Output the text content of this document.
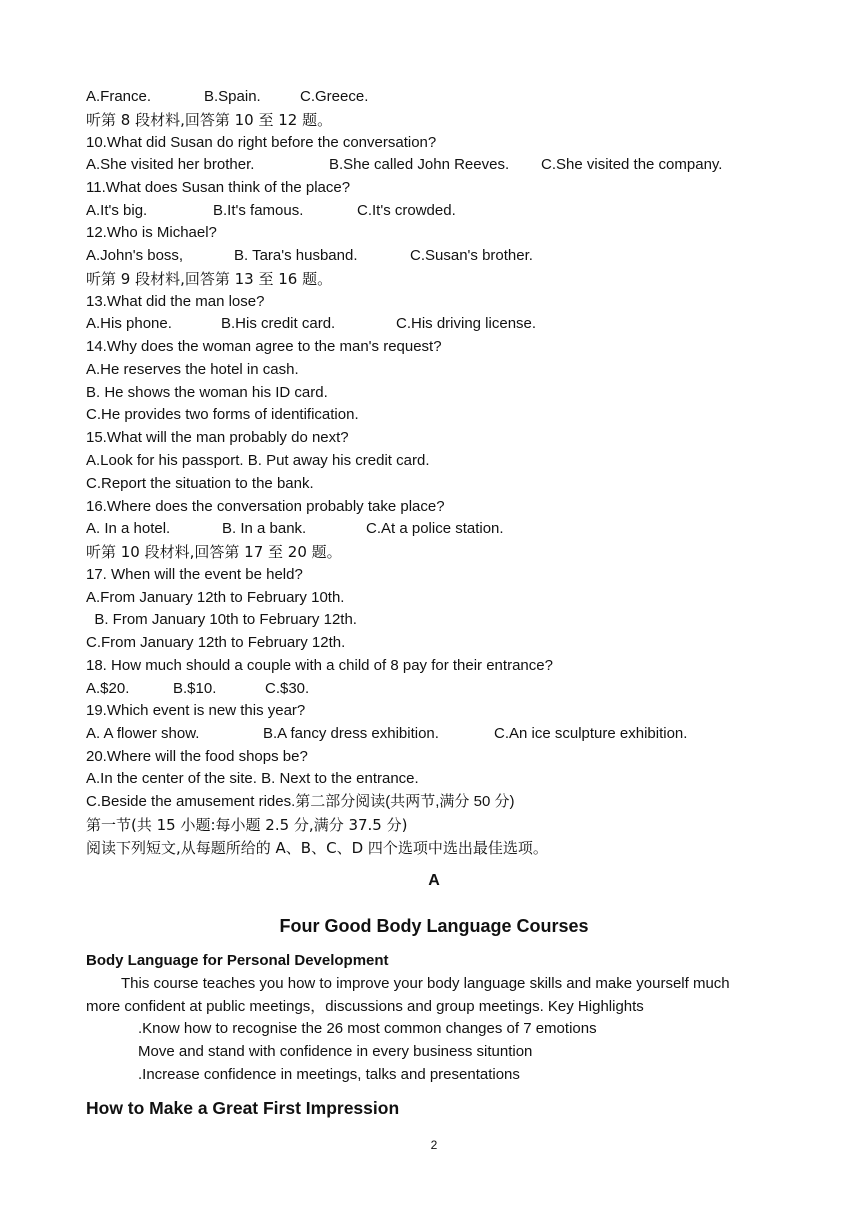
A.France.	B.Spain.	C.Greece.
听第 8 段材料,回答第 10 至 12 题。
10.What did Susan do right before the conversation?
A.She visited her brother.	B.She called John Reeves. C.She visited the company.
11.What does Susan think of the place?
A.It's big.	B.It's famous.	C.It's crowded.
12.Who is Michael?
A.John's boss,	B. Tara's husband.	C.Susan's brother.
听第 9 段材料,回答第 13 至 16 题。
13.What did the man lose?
A.His phone.	B.His credit card.	C.His driving license.
14.Why does the woman agree to the man's request?
A.He reserves the hotel in cash.
B. He shows the woman his ID card.
C.He provides two forms of identification.
15.What will the man probably do next?
A.Look for his passport. B. Put away his credit card.
C.Report the situation to the bank.
16.Where does the conversation probably take place?
A. In a hotel.	B. In a bank.	C.At a police station.
听第 10 段材料,回答第 17 至 20 题。
17. When will the event be held?
A.From January 12th to February 10th.
B. From January 10th to February 12th.
C.From January 12th to February 12th.
18. How much should a couple with a child of 8 pay for their entrance?
A.$20.	B.$10.	C.$30.
19.Which event is new this year?
A. A flower show.	B.A fancy dress exhibition.	C.An ice sculpture exhibition.
20.Where will the food shops be?
A.In the center of the site. B. Next to the entrance.
C.Beside the amusement rides.第二部分阅读(共两节,满分 50 分)
第一节(共 15 小题:每小题 2.5 分,满分 37.5 分)
阅读下列短文,从每题所给的 A、B、C、D 四个选项中选出最佳选项。
A
Four Good Body Language Courses
Body Language for Personal Development
This course teaches you how to improve your body language skills and make yourself much
more confident at public meetings，discussions and group meetings. Key Highlights
.Know how to recognise the 26 most common changes of 7 emotions
Move and stand with confidence in every business situntion
.Increase confidence in meetings, talks and presentations
How to Make a Great First Impression
2
